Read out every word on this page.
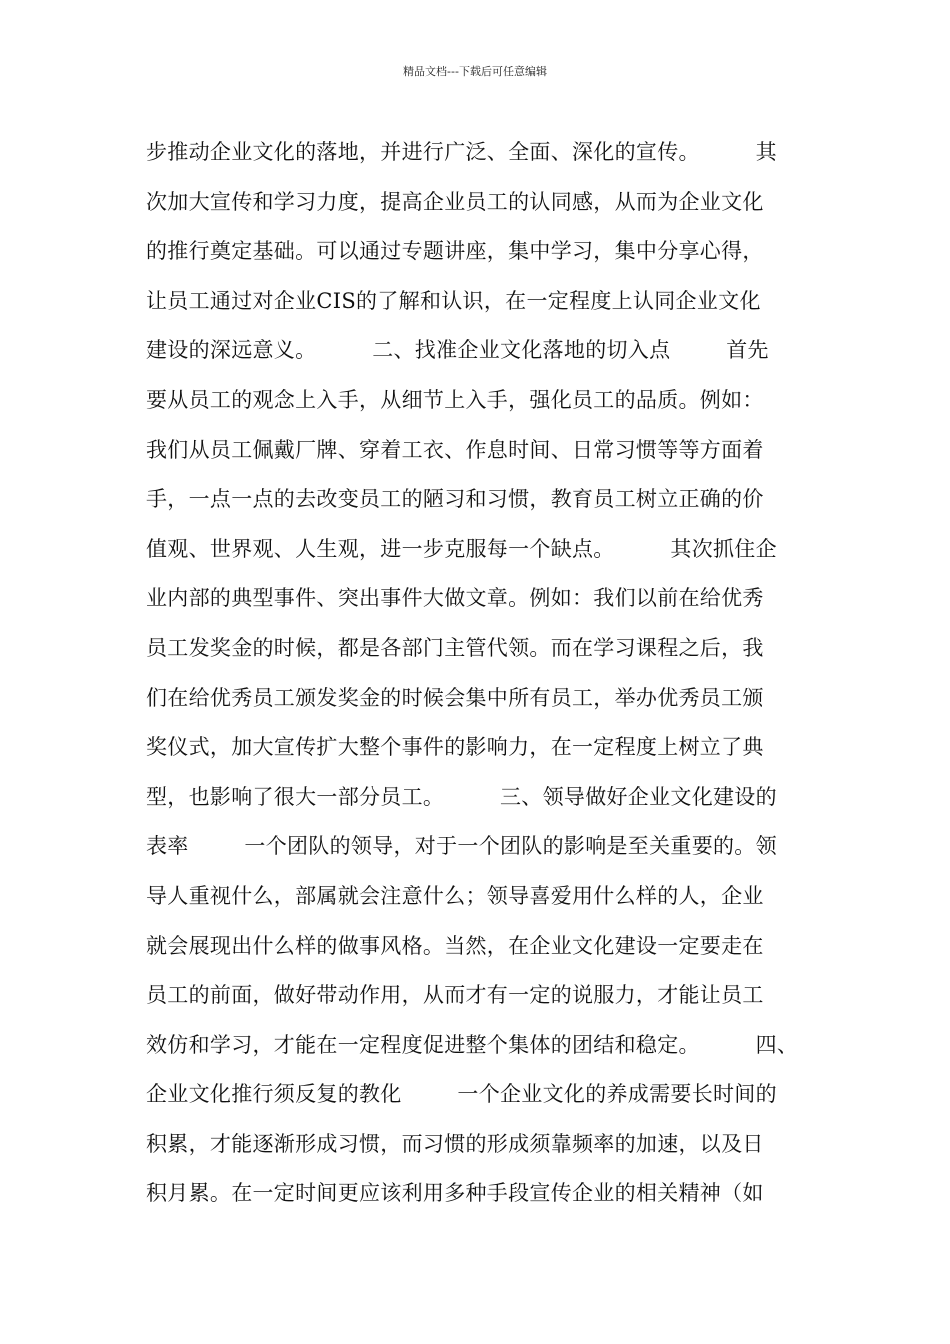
精品文档---下载后可任意编辑
步推动企业文化的落地，并进行广泛、全面、深化的宣传。        其
次加大宣传和学习力度，提高企业员工的认同感，从而为企业文化
的推行奠定基础。可以通过专题讲座，集中学习，集中分享心得，
让员工通过对企业CIS的了解和认识，在一定程度上认同企业文化
建设的深远意义。        二、找准企业文化落地的切入点        首先
要从员工的观念上入手，从细节上入手，强化员工的品质。例如：
我们从员工佩戴厂牌、穿着工衣、作息时间、日常习惯等等方面着
手，一点一点的去改变员工的陋习和习惯，教育员工树立正确的价
值观、世界观、人生观，进一步克服每一个缺点。        其次抓住企
业内部的典型事件、突出事件大做文章。例如：我们以前在给优秀
员工发奖金的时候，都是各部门主管代领。而在学习课程之后，我
们在给优秀员工颁发奖金的时候会集中所有员工，举办优秀员工颁
奖仪式，加大宣传扩大整个事件的影响力，在一定程度上树立了典
型，也影响了很大一部分员工。        三、领导做好企业文化建设的
表率        一个团队的领导，对于一个团队的影响是至关重要的。领
导人重视什么，部属就会注意什么；领导喜爱用什么样的人，企业
就会展现出什么样的做事风格。当然，在企业文化建设一定要走在
员工的前面，做好带动作用，从而才有一定的说服力，才能让员工
效仿和学习，才能在一定程度促进整个集体的团结和稳定。        四、
企业文化推行须反复的教化        一个企业文化的养成需要长时间的
积累，才能逐渐形成习惯，而习惯的形成须靠频率的加速，以及日
积月累。在一定时间更应该利用多种手段宣传企业的相关精神（如
